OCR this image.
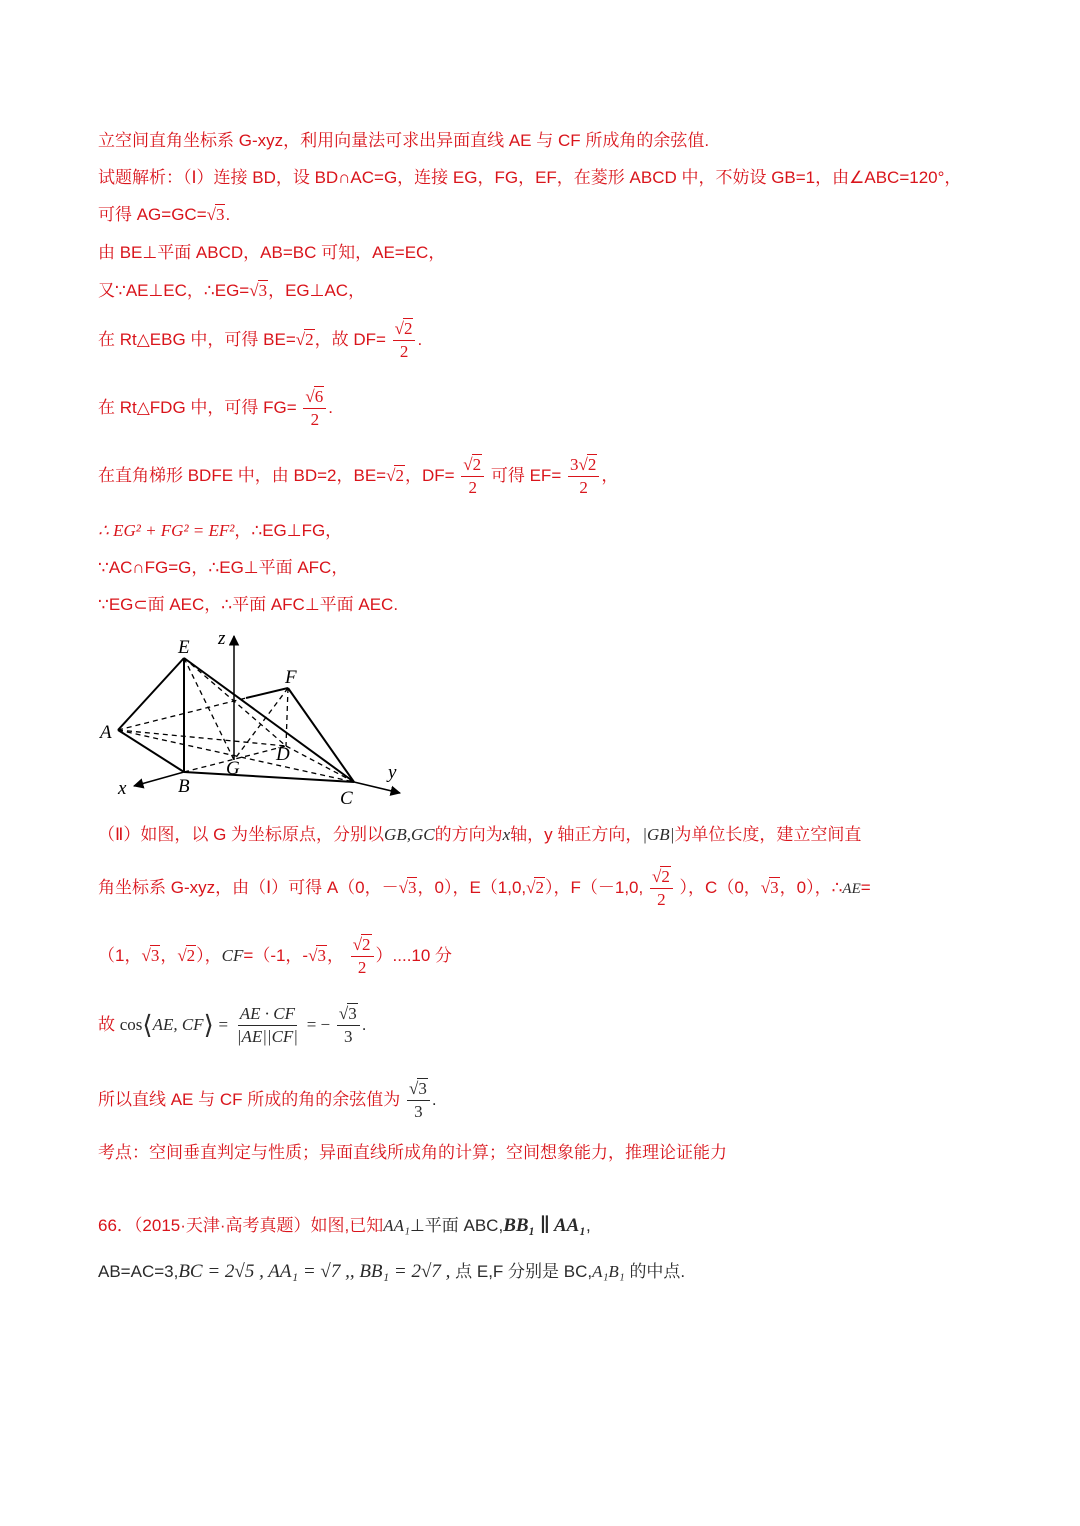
立空间直角坐标系 G-xyz，利用向量法可求出异面直线 AE 与 CF 所成角的余弦值.
试题解析：（Ⅰ）连接 BD，设 BD∩AC=G，连接 EG，FG，EF，在菱形 ABCD 中，不妨设 GB=1，由∠ABC=120°，
可得 AG=GC=√3.
由 BE⊥平面 ABCD，AB=BC 可知，AE=EC，
又∵AE⊥EC，∴EG=√3，EG⊥AC，
在 Rt△EBG 中，可得 BE=√2，故 $DF= \frac{√2}{2}$ .
在 Rt△FDG 中，可得 $FG= \frac{√6}{2}$ .
在直角梯形 BDFE 中，由 BD=2，BE=√2，$DF= \frac{√2}{2}$ 可得 $EF= \frac{3√2}{2}$ ，
∴ EG² + FG² = EF²，∴EG⊥FG，
∵AC∩FG=G，∴EG⊥平面 AFC，
∵EG⊂面 AEC，∴平面 AFC⊥平面 AEC.
E z
F
A
D
G
x	B
C
y
（Ⅱ）如图，以 G 为坐标原点，分别以GB,GC的方向为x轴，y 轴正方向，|GB|为单位长度，建立空间直
角坐标系 G-xyz，由（Ⅰ）可得 A（0，－√3，0），E（1,0,√2），F（－1,0, $\frac{√2}{2}$ ），C（0，√3，0），∴AE=
（1，√3，√2），CF=（-1，-√3， $\frac{√2}{2} )....10$ 分
故 cos⟨AE, CF⟩ = $\frac{AE \cdot CF}{|AE||CF|}$ = − $\frac{√3}{3}$ .
所以直线 AE 与 CF 所成的角的余弦值为 $\frac{√3}{3}$ .
考点：空间垂直判定与性质；异面直线所成角的计算；空间想象能力，推理论证能力
66．（2015·天津·高考真题）如图,已知AA₁⊥平面 ABC,BB₁ ∥ AA₁,
AB=AC=3,BC = 2√5 , AA₁ = √7 ,, BB₁ = 2√7 , 点 E,F 分别是 BC,A₁B₁ 的中点.
